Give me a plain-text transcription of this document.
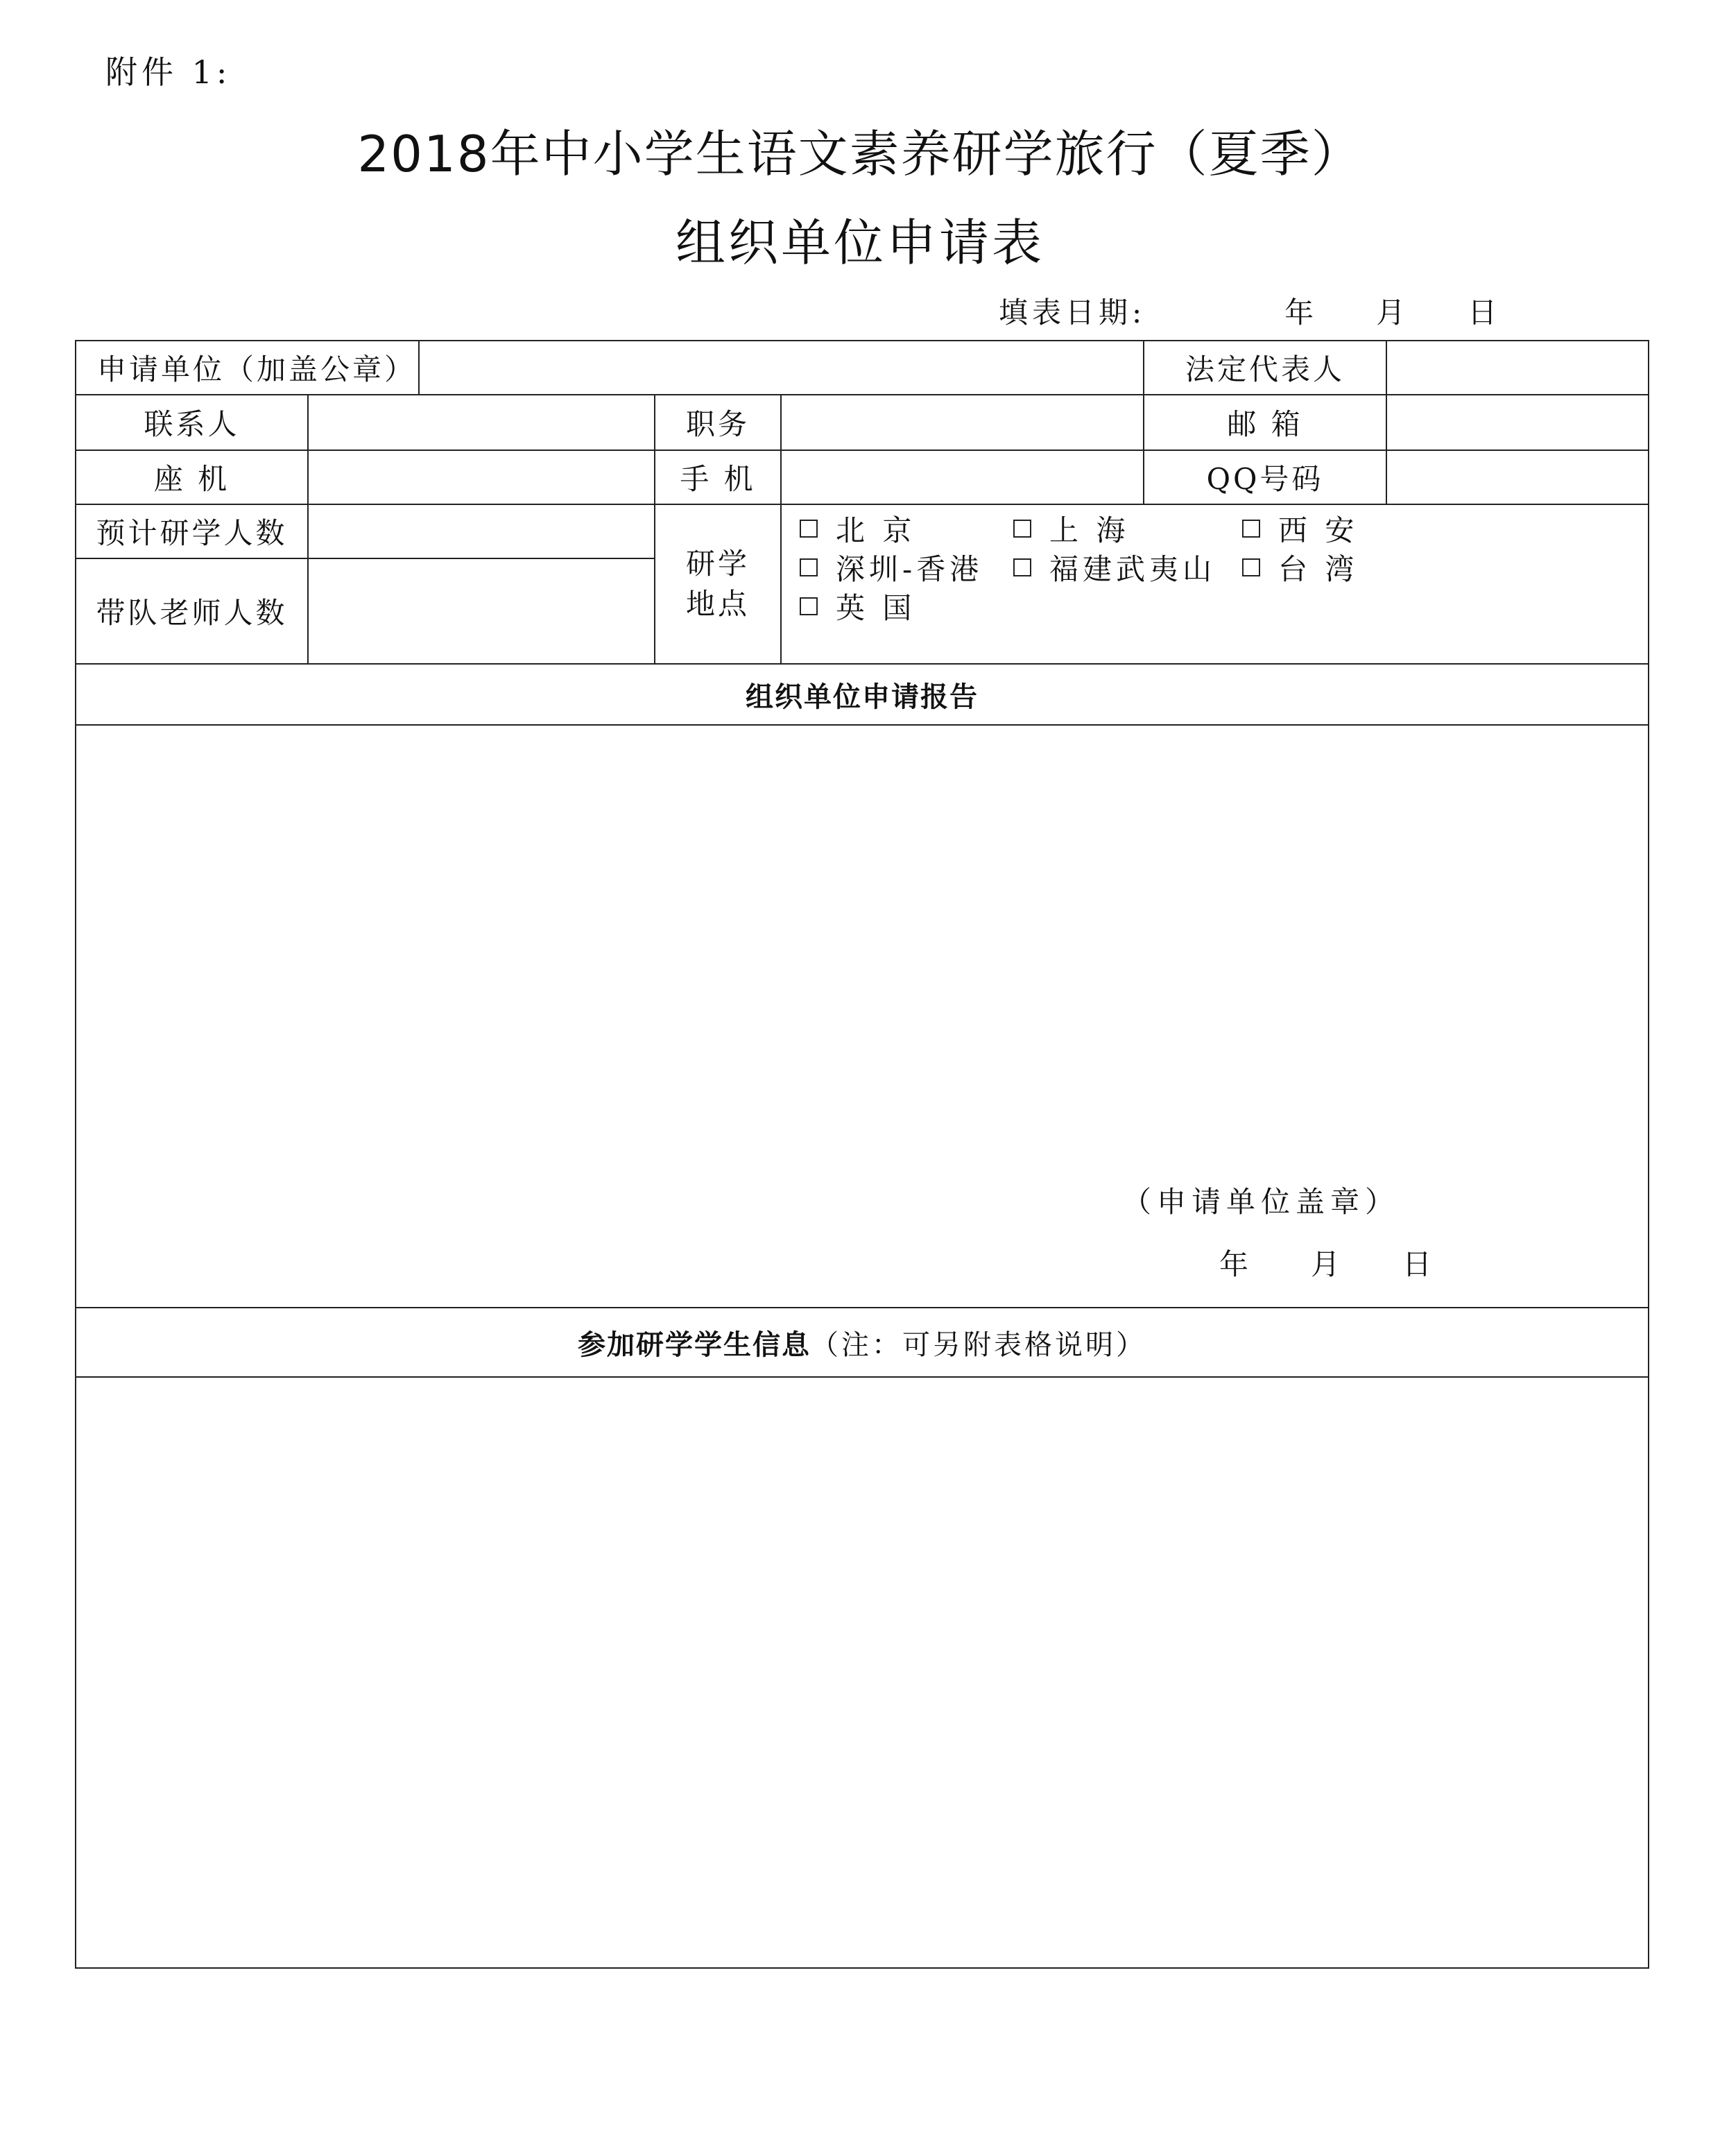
附件 1:
2018年中小学生语文素养研学旅行（夏季）
组织单位申请表
填表日期:	年 月 日
申请单位（加盖公章）	法定代表人
联系人	职务	邮 箱
座 机	手 机	QQ号码
预计研学人数
带队老师人数
研学
地点
北 京	上 海	西 安
深圳-香港 福建武夷山 台 湾
英 国
组织单位申请报告
（申请单位盖章）
年 月 日
参加研学学生信息 （注：可另附表格说明）
